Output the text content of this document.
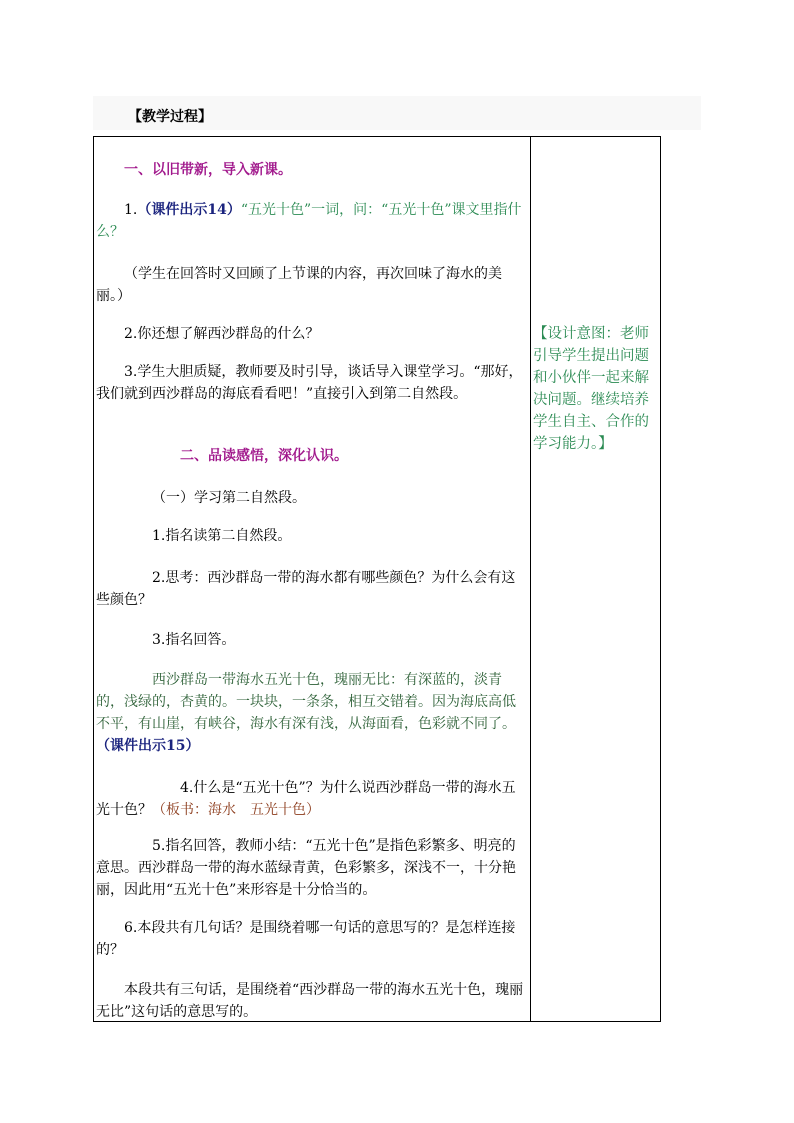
【教学过程】

一、以旧带新，导入新课。

1.（课件出示14）“五光十色”一词，问：“五光十色”课文里指什么？

（学生在回答时又回顾了上节课的内容，再次回味了海水的美丽。）

2.你还想了解西沙群岛的什么？

3.学生大胆质疑，教师要及时引导，谈话导入课堂学习。“那好，我们就到西沙群岛的海底看看吧！”直接引入到第二自然段。

二、品读感悟，深化认识。

（一）学习第二自然段。

1.指名读第二自然段。

2.思考：西沙群岛一带的海水都有哪些颜色？为什么会有这些颜色？

3.指名回答。

西沙群岛一带海水五光十色，瑰丽无比：有深蓝的，淡青的，浅绿的，杏黄的。一块块，一条条，相互交错着。因为海底高低不平，有山崖，有峡谷，海水有深有浅，从海面看，色彩就不同了。（课件出示15）

4.什么是“五光十色”？为什么说西沙群岛一带的海水五光十色？（板书：海水　五光十色）

5.指名回答，教师小结：“五光十色”是指色彩繁多、明亮的意思。西沙群岛一带的海水蓝绿青黄，色彩繁多，深浅不一，十分艳丽，因此用“五光十色”来形容是十分恰当的。

6.本段共有几句话？是围绕着哪一句话的意思写的？是怎样连接的？

本段共有三句话，是围绕着“西沙群岛一带的海水五光十色，瑰丽无比”这句话的意思写的。

【设计意图：老师引导学生提出问题和小伙伴一起来解决问题。继续培养学生自主、合作的学习能力。】
